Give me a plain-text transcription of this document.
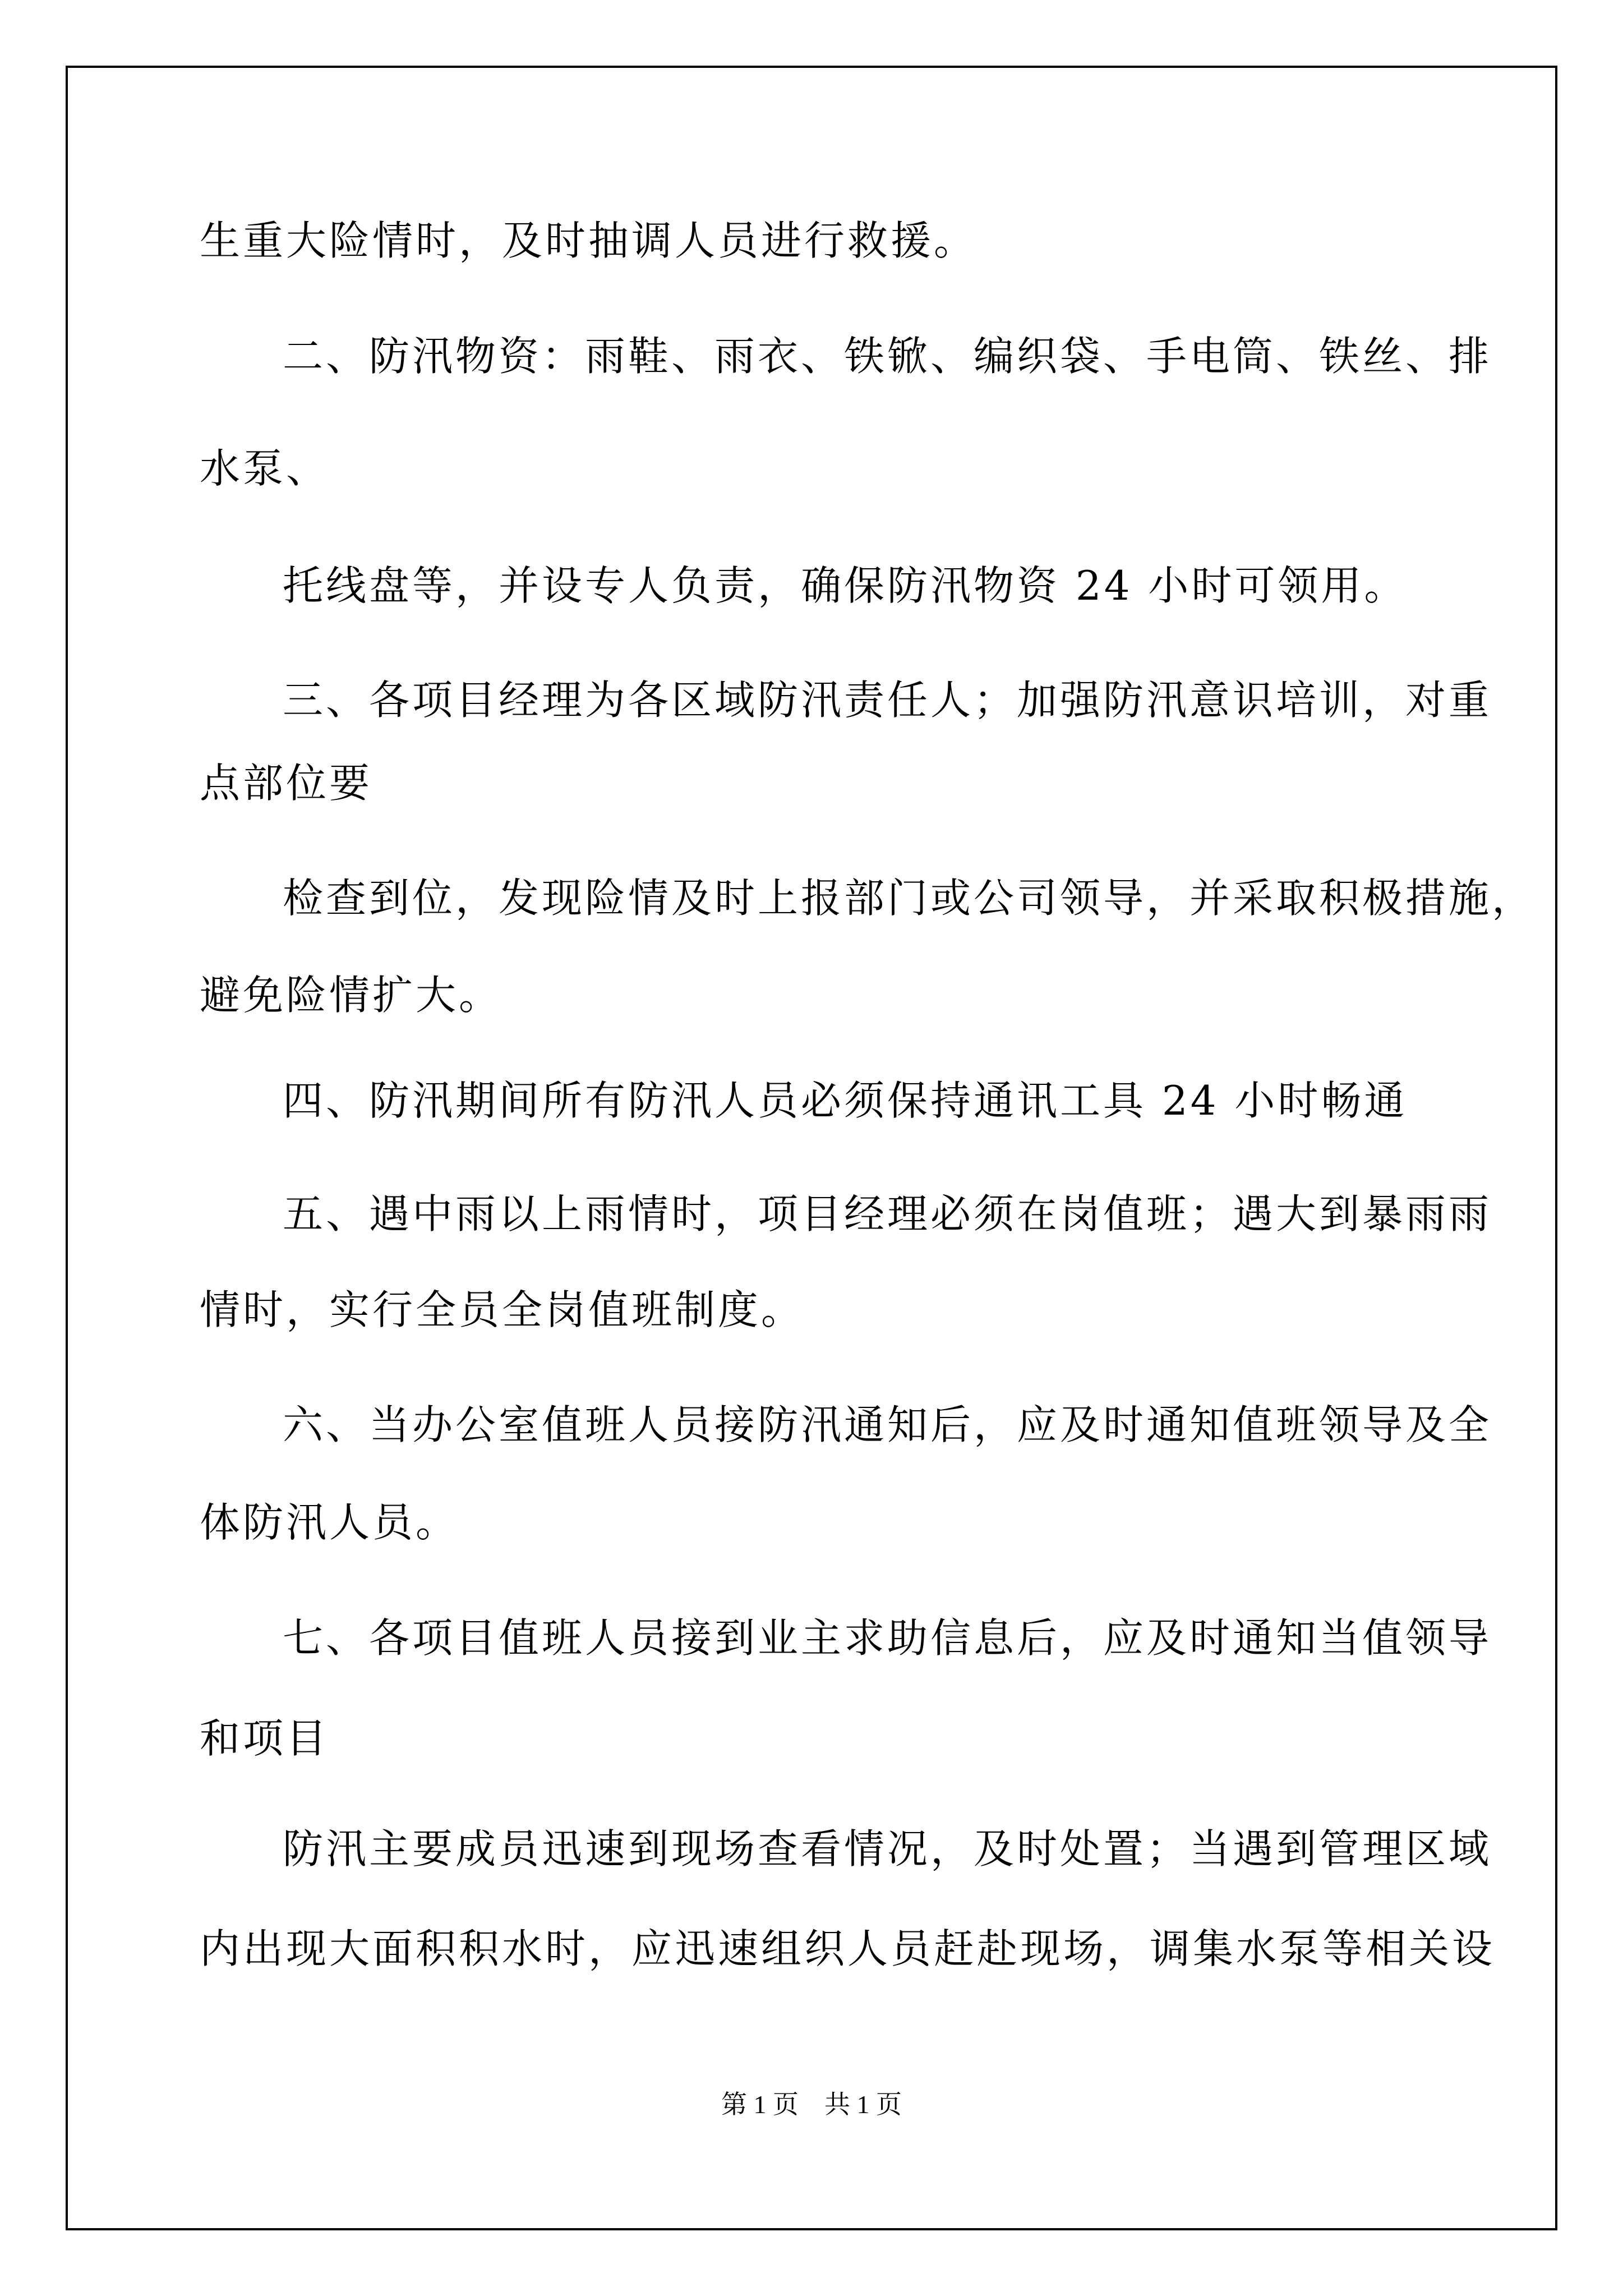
生重大险情时，及时抽调人员进行救援。
二、防汛物资：雨鞋、雨衣、铁锨、编织袋、手电筒、铁丝、排
水泵、
托线盘等，并设专人负责，确保防汛物资 24 小时可领用。
三、各项目经理为各区域防汛责任人；加强防汛意识培训，对重
点部位要
检查到位，发现险情及时上报部门或公司领导，并采取积极措施，
避免险情扩大。
四、防汛期间所有防汛人员必须保持通讯工具 24 小时畅通
五、遇中雨以上雨情时，项目经理必须在岗值班；遇大到暴雨雨
情时，实行全员全岗值班制度。
六、当办公室值班人员接防汛通知后，应及时通知值班领导及全
体防汛人员。
七、各项目值班人员接到业主求助信息后，应及时通知当值领导
和项目
防汛主要成员迅速到现场查看情况，及时处置；当遇到管理区域
内出现大面积积水时，应迅速组织人员赶赴现场，调集水泵等相关设
第 1 页 共 1 页
